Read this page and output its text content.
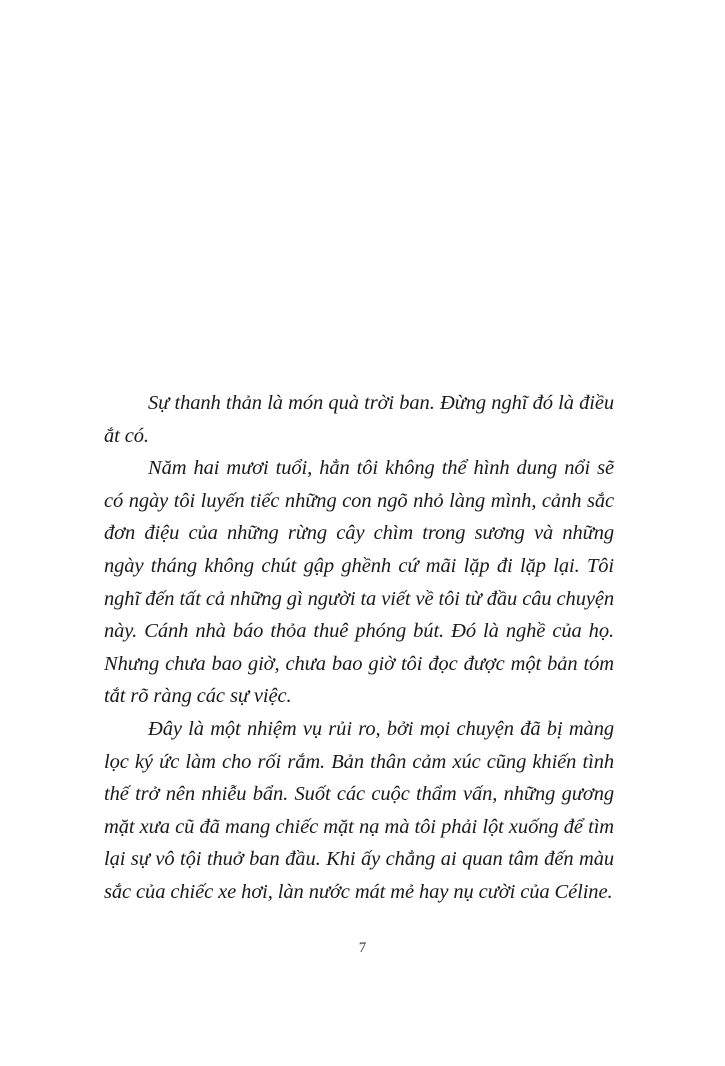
Sự thanh thản là món quà trời ban. Đừng nghĩ đó là điều ắt có.

Năm hai mươi tuổi, hẳn tôi không thể hình dung nổi sẽ có ngày tôi luyến tiếc những con ngõ nhỏ làng mình, cảnh sắc đơn điệu của những rừng cây chìm trong sương và những ngày tháng không chút gập ghềnh cứ mãi lặp đi lặp lại. Tôi nghĩ đến tất cả những gì người ta viết về tôi từ đầu câu chuyện này. Cánh nhà báo thỏa thuê phóng bút. Đó là nghề của họ. Nhưng chưa bao giờ, chưa bao giờ tôi đọc được một bản tóm tắt rõ ràng các sự việc.

Đây là một nhiệm vụ rủi ro, bởi mọi chuyện đã bị màng lọc ký ức làm cho rối rắm. Bản thân cảm xúc cũng khiến tình thế trở nên nhiễu bẩn. Suốt các cuộc thẩm vấn, những gương mặt xưa cũ đã mang chiếc mặt nạ mà tôi phải lột xuống để tìm lại sự vô tội thuở ban đầu. Khi ấy chẳng ai quan tâm đến màu sắc của chiếc xe hơi, làn nước mát mẻ hay nụ cười của Céline.

7
